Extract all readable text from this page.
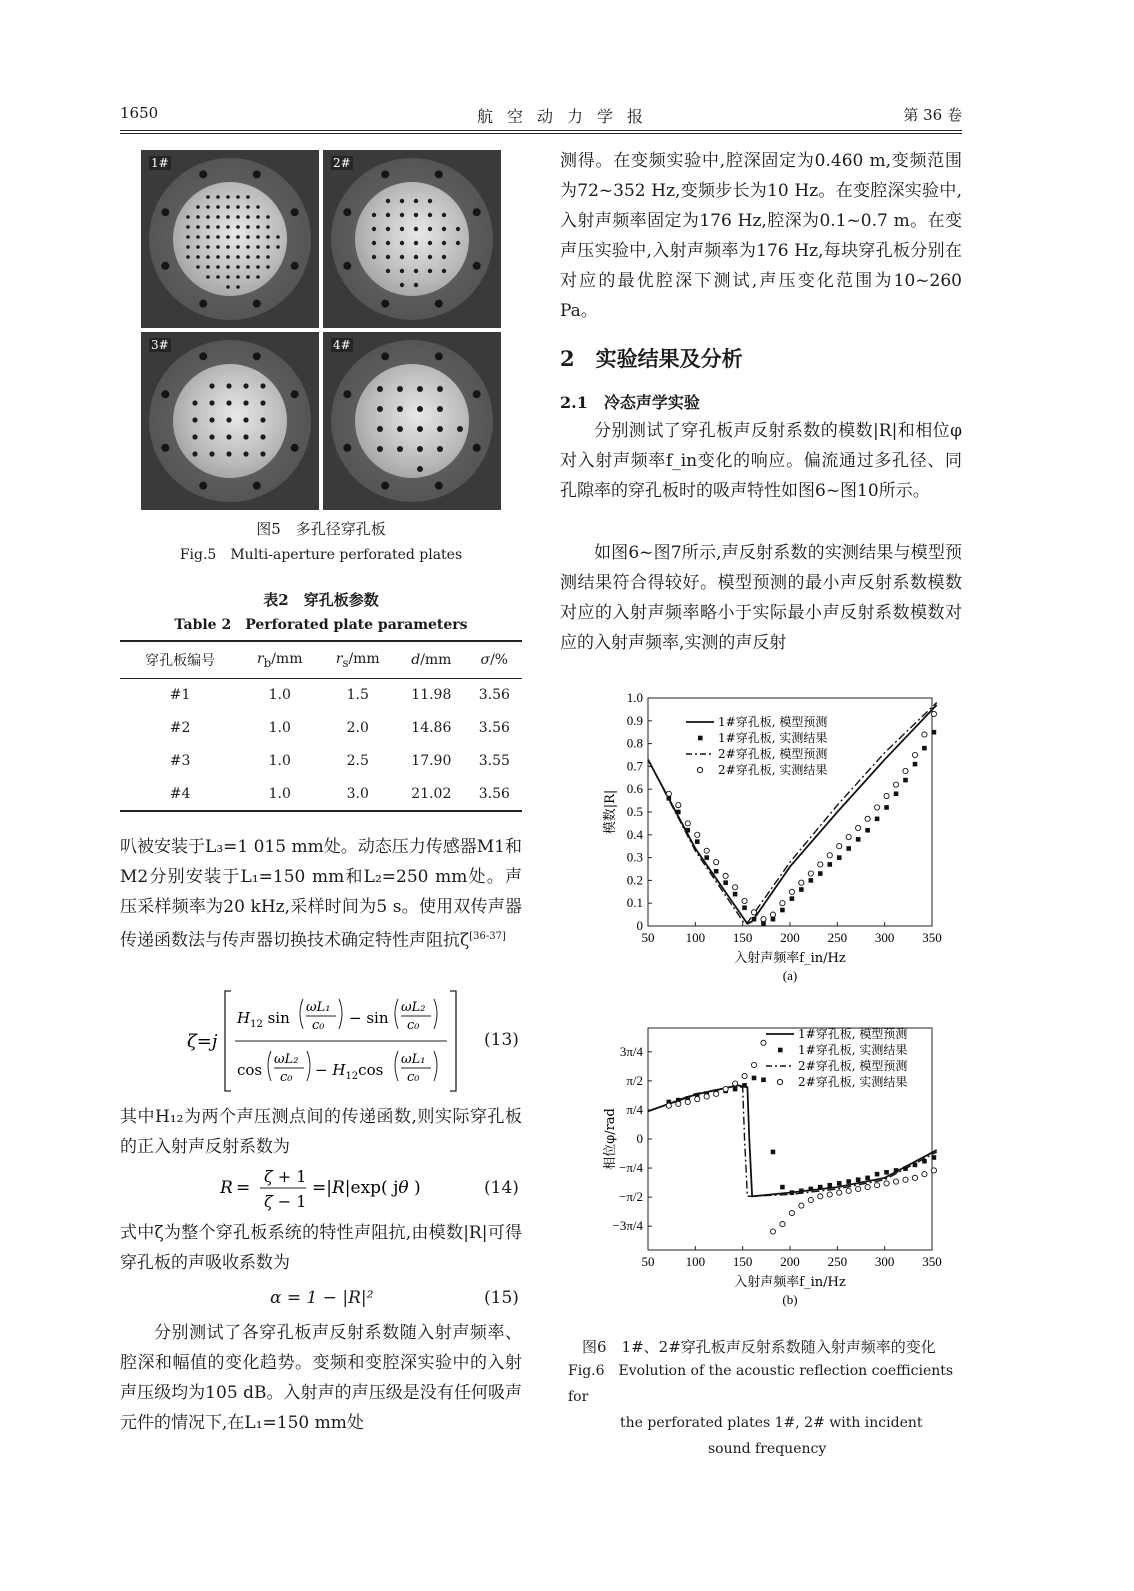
1650	航空动力学报	第 36 卷
1#	2#
3#	4#
图5　多孔径穿孔板
Fig.5　Multi-aperture perforated plates
表2　穿孔板参数
Table 2　Perforated plate parameters
穿孔板编号	$r_b/mm$	$r_s/mm$	d/mm	σ/%
#1	1.0	1.5	11.98	3.56
#2	1.0	2.0	14.86	3.56
#3	1.0	2.5	17.90	3.55
#4	1.0	3.0	21.02	3.56
叭被安装于L₃=1 015 mm处。动态压力传感器M1和M2分别安装于L₁=150 mm和L₂=250 mm处。声压采样频率为20 kHz,采样时间为5 s。使用双传声器传递函数法与传声器切换技术确定特性声阻抗ζ[36-37]
ζ=j
$H_{12}$ sin
ωL₁
c₀ − sin
ωL₂
c₀
cos
ωL₂
$c_0 - H_{12}\cos$
ωL₁
c₀
(13)
其中H₁₂为两个声压测点间的传递函数,则实际穿孔板的正入射声反射系数为
R =
ζ + 1
ζ − 1
=|R|exp( jθ )	(14)
式中ζ为整个穿孔板系统的特性声阻抗,由模数|R|可得穿孔板的声吸收系数为
α = 1 − |R|²	(15)
分别测试了各穿孔板声反射系数随入射声频率、腔深和幅值的变化趋势。变频和变腔深实验中的入射声压级均为105 dB。入射声的声压级是没有任何吸声元件的情况下,在L₁=150 mm处
测得。在变频实验中,腔深固定为0.460 m,变频范围为72~352 Hz,变频步长为10 Hz。在变腔深实验中,入射声频率固定为176 Hz,腔深为0.1~0.7 m。在变声压实验中,入射声频率为176 Hz,每块穿孔板分别在对应的最优腔深下测试,声压变化范围为10~260 Pa。
2　实验结果及分析
2.1　冷态声学实验
分别测试了穿孔板声反射系数的模数|R|和相位φ对入射声频率f_in变化的响应。偏流通过多孔径、同孔隙率的穿孔板时的吸声特性如图6~图10所示。
如图6~图7所示,声反射系数的实测结果与模型预测结果符合得较好。模型预测的最小声反射系数模数对应的入射声频率略小于实际最小声反射系数模数对应的入射声频率,实测的声反射
50 100 150 200 250 300 350
0
0.1
0.2
0.3
0.4
0.5
0.6
0.7
0.8
0.9
1.0
入射声频率f_in/Hz
模数|R|
(a)
1#穿孔板, 模型预测
1#穿孔板, 实测结果
2#穿孔板, 模型预测
2#穿孔板, 实测结果
50 100 150 200 250 300 350
3π/4
π/2
π/4
0
−π/4
−π/2
−3π/4
入射声频率f_in/Hz
相位φ/rad
(b)
1#穿孔板, 模型预测
1#穿孔板, 实测结果
2#穿孔板, 模型预测
2#穿孔板, 实测结果
图6　1#、2#穿孔板声反射系数随入射声频率的变化
Fig.6　Evolution of the acoustic reflection coefficients for
the perforated plates 1#, 2# with incident
sound frequency
